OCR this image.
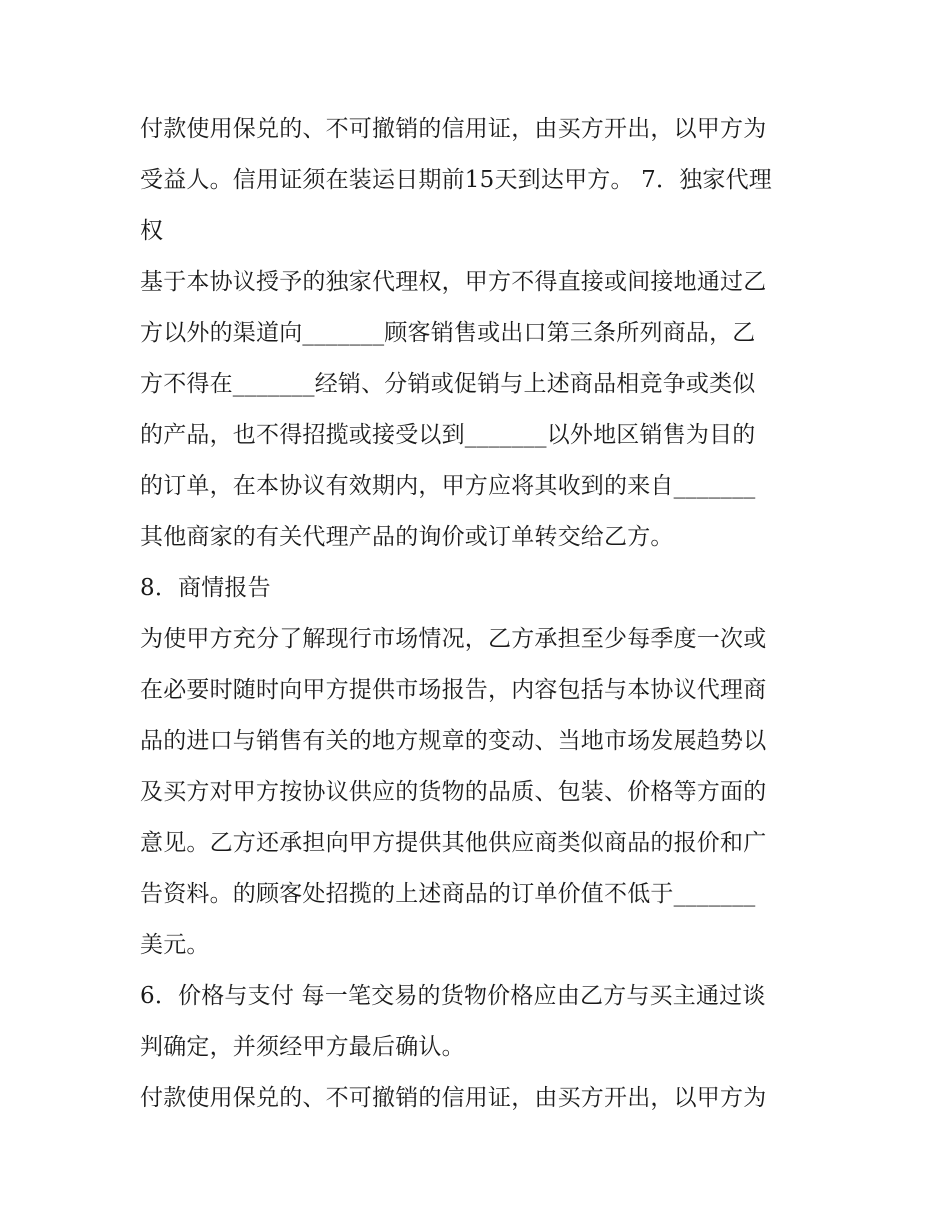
付款使用保兑的、不可撤销的信用证，由买方开出，以甲方为
受益人。信用证须在装运日期前15天到达甲方。 7．独家代理
权
基于本协议授予的独家代理权，甲方不得直接或间接地通过乙
方以外的渠道向_______顾客销售或出口第三条所列商品，乙
方不得在_______经销、分销或促销与上述商品相竞争或类似
的产品，也不得招揽或接受以到_______以外地区销售为目的
的订单，在本协议有效期内，甲方应将其收到的来自_______
其他商家的有关代理产品的询价或订单转交给乙方。
8．商情报告
为使甲方充分了解现行市场情况，乙方承担至少每季度一次或
在必要时随时向甲方提供市场报告，内容包括与本协议代理商
品的进口与销售有关的地方规章的变动、当地市场发展趋势以
及买方对甲方按协议供应的货物的品质、包装、价格等方面的
意见。乙方还承担向甲方提供其他供应商类似商品的报价和广
告资料。的顾客处招揽的上述商品的订单价值不低于_______
美元。
6．价格与支付 每一笔交易的货物价格应由乙方与买主通过谈
判确定，并须经甲方最后确认。
付款使用保兑的、不可撤销的信用证，由买方开出，以甲方为
